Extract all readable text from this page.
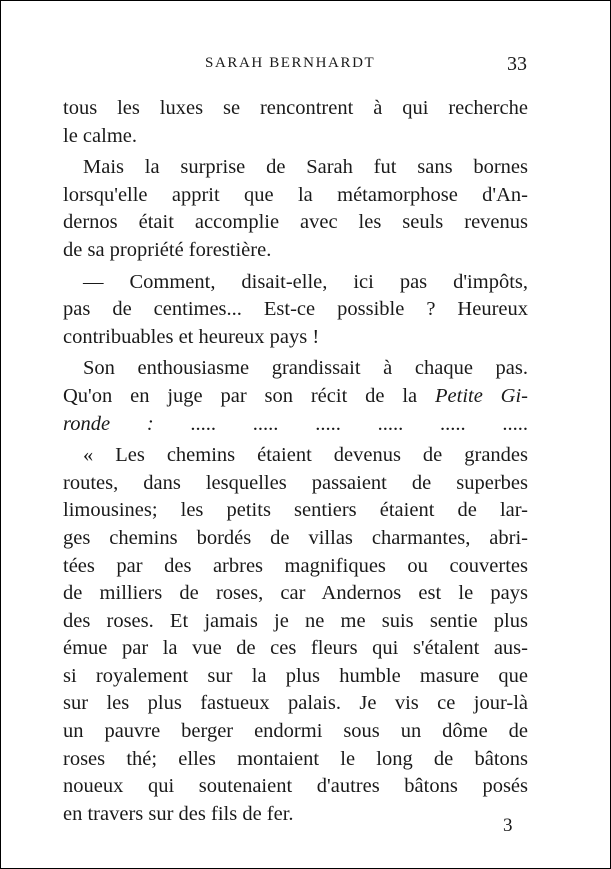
SARAH BERNHARDT	33
tous les luxes se rencontrent à qui recherche
le calme.
Mais la surprise de Sarah fut sans bornes
lorsqu'elle apprit que la métamorphose d'An-
dernos était accomplie avec les seuls revenus
de sa propriété forestière.
— Comment, disait-elle, ici pas d'impôts,
pas de centimes... Est-ce possible ? Heureux
contribuables et heureux pays !
Son enthousiasme grandissait à chaque pas.
Qu'on en juge par son récit de la Petite Gi-
ronde : ..... ..... ..... ..... ..... .....
« Les chemins étaient devenus de grandes
routes, dans lesquelles passaient de superbes
limousines; les petits sentiers étaient de lar-
ges chemins bordés de villas charmantes, abri-
tées par des arbres magnifiques ou couvertes
de milliers de roses, car Andernos est le pays
des roses. Et jamais je ne me suis sentie plus
émue par la vue de ces fleurs qui s'étalent aus-
si royalement sur la plus humble masure que
sur les plus fastueux palais. Je vis ce jour-là
un pauvre berger endormi sous un dôme de
roses thé; elles montaient le long de bâtons
noueux qui soutenaient d'autres bâtons posés
en travers sur des fils de fer.
3
